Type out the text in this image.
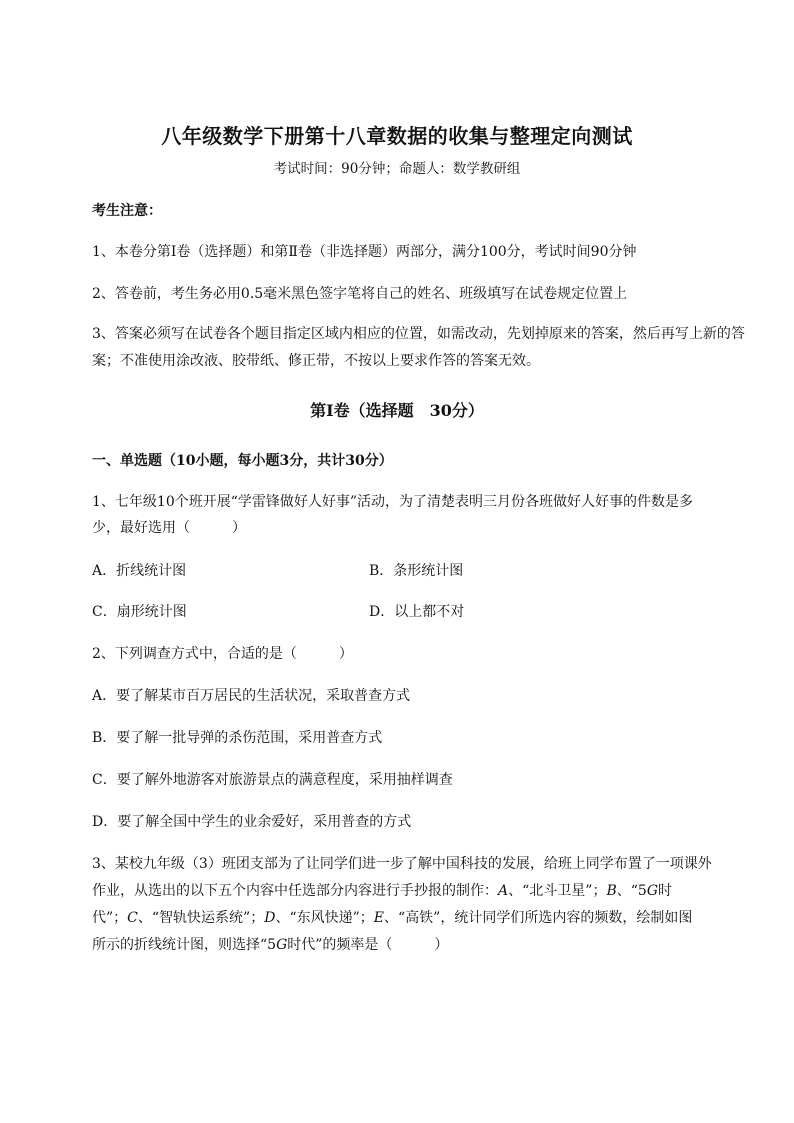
八年级数学下册第十八章数据的收集与整理定向测试
考试时间：90分钟；命题人：数学教研组
考生注意：
1、本卷分第I卷（选择题）和第Ⅱ卷（非选择题）两部分，满分100分，考试时间90分钟
2、答卷前，考生务必用0.5毫米黑色签字笔将自己的姓名、班级填写在试卷规定位置上
3、答案必须写在试卷各个题目指定区域内相应的位置，如需改动，先划掉原来的答案，然后再写上新的答案；不准使用涂改液、胶带纸、修正带，不按以上要求作答的答案无效。
第I卷（选择题　30分）
一、单选题（10小题，每小题3分，共计30分）
1、七年级10个班开展“学雷锋做好人好事”活动，为了清楚表明三月份各班做好人好事的件数是多
少，最好选用（　　　）
A．折线统计图	B．条形统计图
C．扇形统计图	D．以上都不对
2、下列调查方式中，合适的是（　　　）
A．要了解某市百万居民的生活状况，采取普查方式
B．要了解一批导弹的杀伤范围，采用普查方式
C．要了解外地游客对旅游景点的满意程度，采用抽样调查
D．要了解全国中学生的业余爱好，采用普查的方式
3、某校九年级（3）班团支部为了让同学们进一步了解中国科技的发展，给班上同学布置了一项课外
作业，从选出的以下五个内容中任选部分内容进行手抄报的制作：A、“北斗卫星”；B、“5G时
代”；C、“智轨快运系统”；D、“东风快递”；E、“高铁”，统计同学们所选内容的频数，绘制如图
所示的折线统计图，则选择“5G时代”的频率是（　　　）
